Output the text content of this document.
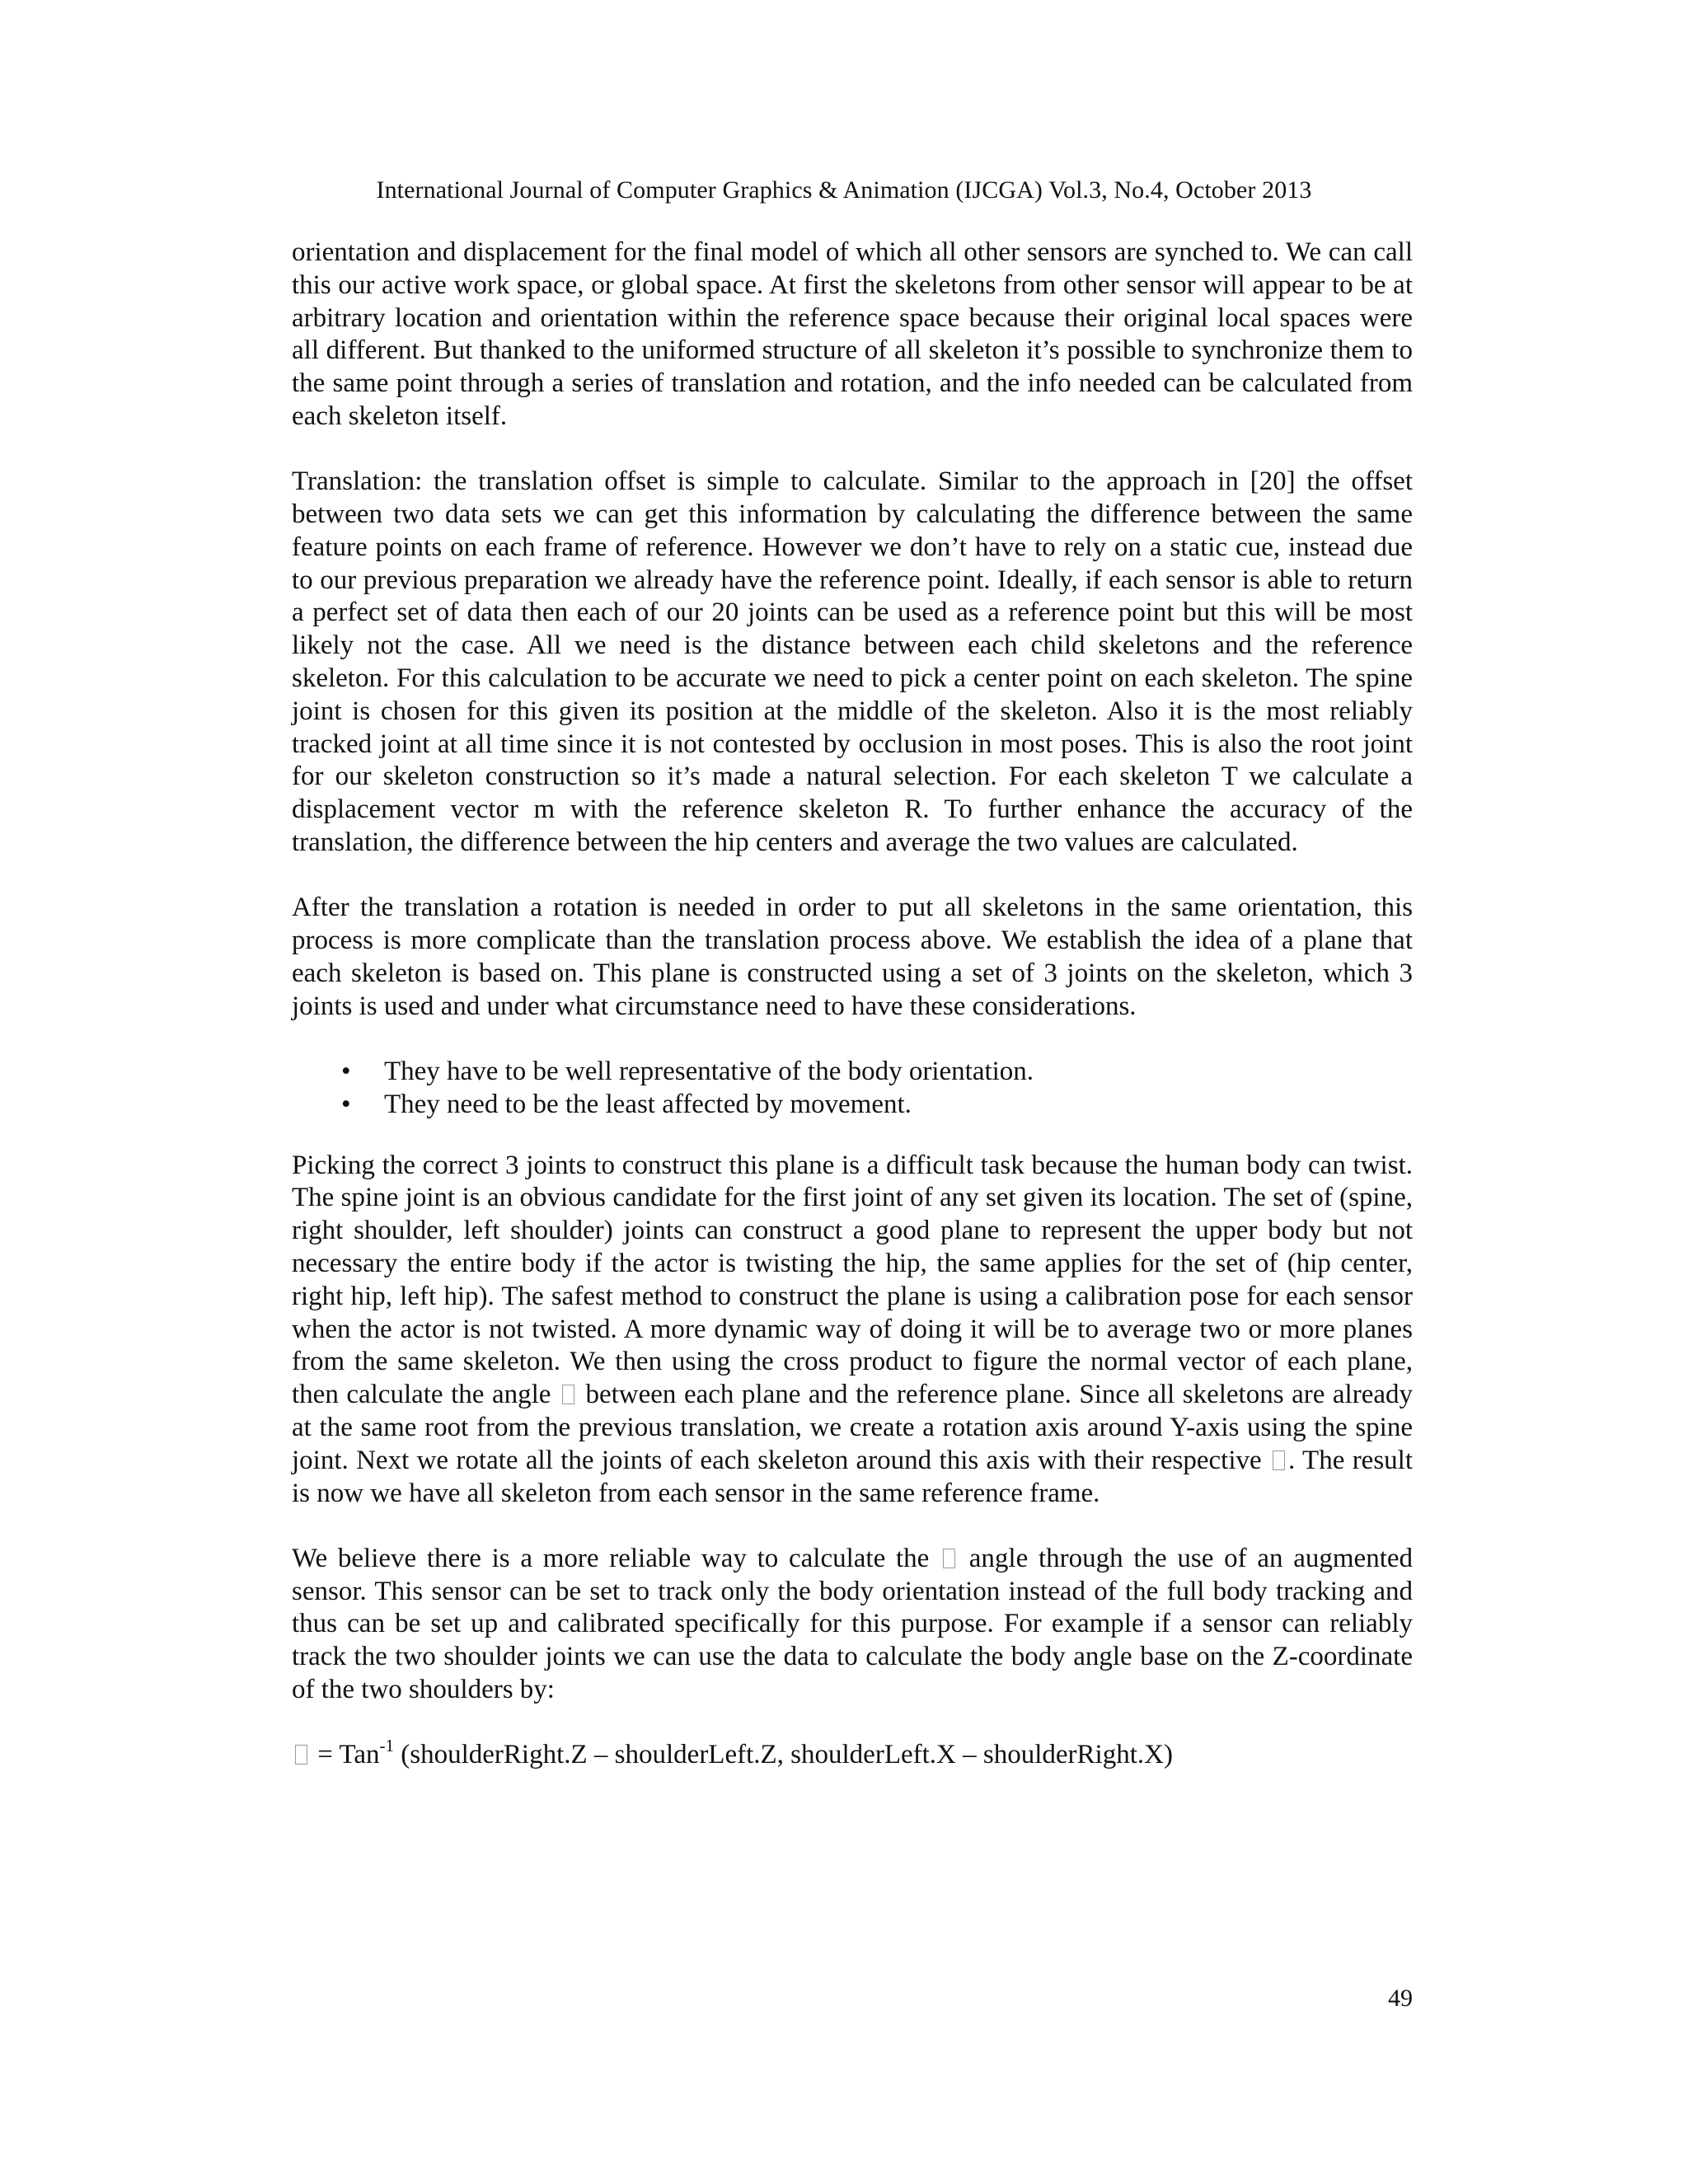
International Journal of Computer Graphics & Animation (IJCGA) Vol.3, No.4, October 2013

orientation and displacement for the final model of which all other sensors are synched to. We can call this our active work space, or global space. At first the skeletons from other sensor will appear to be at arbitrary location and orientation within the reference space because their original local spaces were all different. But thanked to the uniformed structure of all skeleton it’s possible to synchronize them to the same point through a series of translation and rotation, and the info needed can be calculated from each skeleton itself.

Translation: the translation offset is simple to calculate. Similar to the approach in [20] the offset between two data sets we can get this information by calculating the difference between the same feature points on each frame of reference. However we don’t have to rely on a static cue, instead due to our previous preparation we already have the reference point. Ideally, if each sensor is able to return a perfect set of data then each of our 20 joints can be used as a reference point but this will be most likely not the case. All we need is the distance between each child skeletons and the reference skeleton. For this calculation to be accurate we need to pick a center point on each skeleton. The spine joint is chosen for this given its position at the middle of the skeleton. Also it is the most reliably tracked joint at all time since it is not contested by occlusion in most poses. This is also the root joint for our skeleton construction so it’s made a natural selection. For each skeleton T we calculate a displacement vector m with the reference skeleton R. To further enhance the accuracy of the translation, the difference between the hip centers and average the two values are calculated.

After the translation a rotation is needed in order to put all skeletons in the same orientation, this process is more complicate than the translation process above. We establish the idea of a plane that each skeleton is based on. This plane is constructed using a set of 3 joints on the skeleton, which 3 joints is used and under what circumstance need to have these considerations.

• They have to be well representative of the body orientation.
• They need to be the least affected by movement.

Picking the correct 3 joints to construct this plane is a difficult task because the human body can twist. The spine joint is an obvious candidate for the first joint of any set given its location. The set of (spine, right shoulder, left shoulder) joints can construct a good plane to represent the upper body but not necessary the entire body if the actor is twisting the hip, the same applies for the set of (hip center, right hip, left hip). The safest method to construct the plane is using a calibration pose for each sensor when the actor is not twisted. A more dynamic way of doing it will be to average two or more planes from the same skeleton. We then using the cross product to figure the normal vector of each plane, then calculate the angle between each plane and the reference plane. Since all skeletons are already at the same root from the previous translation, we create a rotation axis around Y-axis using the spine joint. Next we rotate all the joints of each skeleton around this axis with their respective . The result is now we have all skeleton from each sensor in the same reference frame.

We believe there is a more reliable way to calculate the angle through the use of an augmented sensor. This sensor can be set to track only the body orientation instead of the full body tracking and thus can be set up and calibrated specifically for this purpose. For example if a sensor can reliably track the two shoulder joints we can use the data to calculate the body angle base on the Z-coordinate of the two shoulders by:

= Tan$^{-1}$ (shoulderRight.Z – shoulderLeft.Z, shoulderLeft.X – shoulderRight.X)

49
